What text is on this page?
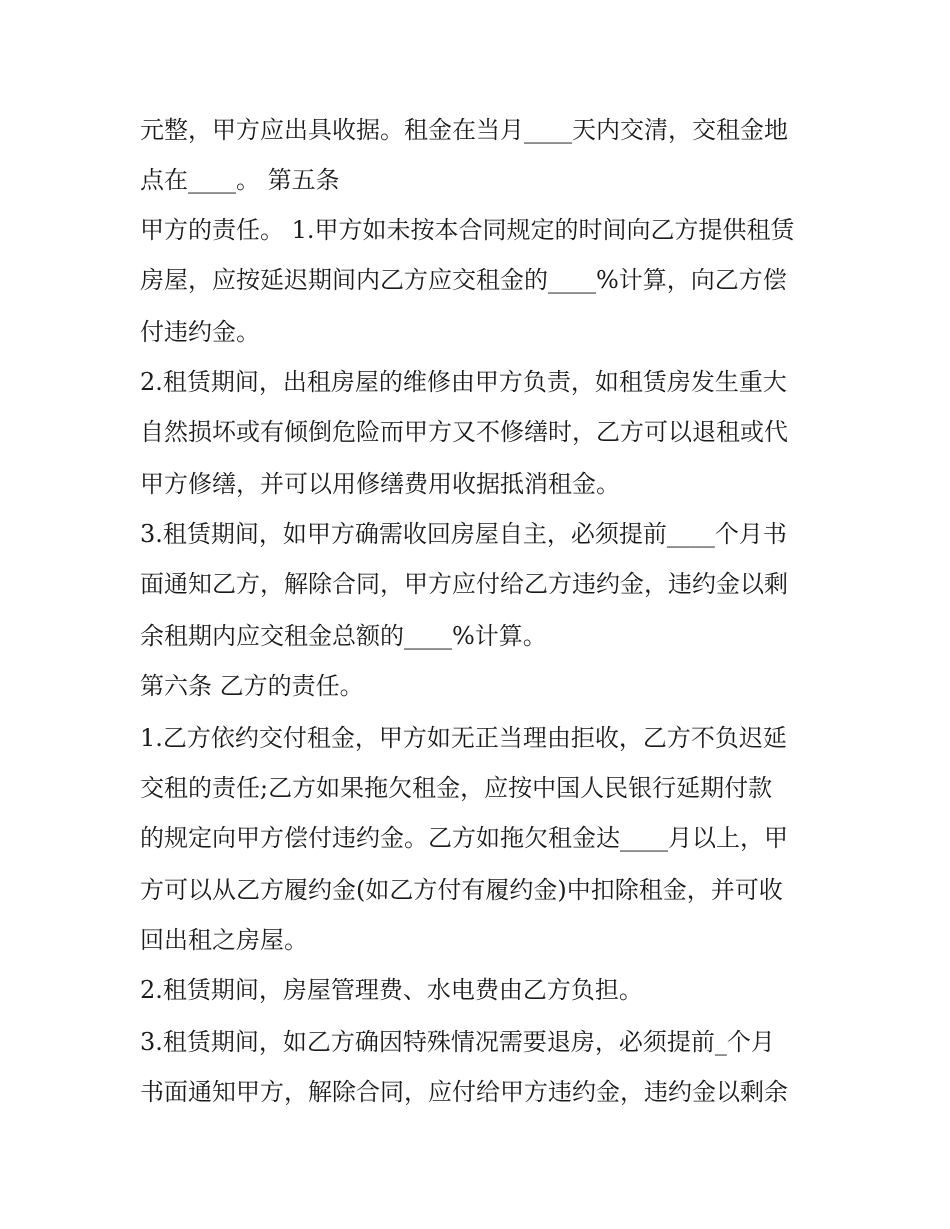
元整，甲方应出具收据。租金在当月____天内交清，交租金地
点在____。 第五条
甲方的责任。 1.甲方如未按本合同规定的时间向乙方提供租赁
房屋，应按延迟期间内乙方应交租金的____%计算，向乙方偿
付违约金。
2.租赁期间，出租房屋的维修由甲方负责，如租赁房发生重大
自然损坏或有倾倒危险而甲方又不修缮时，乙方可以退租或代
甲方修缮，并可以用修缮费用收据抵消租金。
3.租赁期间，如甲方确需收回房屋自主，必须提前____个月书
面通知乙方，解除合同，甲方应付给乙方违约金，违约金以剩
余租期内应交租金总额的____%计算。
第六条 乙方的责任。
1.乙方依约交付租金，甲方如无正当理由拒收，乙方不负迟延
交租的责任;乙方如果拖欠租金，应按中国人民银行延期付款
的规定向甲方偿付违约金。乙方如拖欠租金达____月以上，甲
方可以从乙方履约金(如乙方付有履约金)中扣除租金，并可收
回出租之房屋。
2.租赁期间，房屋管理费、水电费由乙方负担。
3.租赁期间，如乙方确因特殊情况需要退房，必须提前_个月
书面通知甲方，解除合同，应付给甲方违约金，违约金以剩余
